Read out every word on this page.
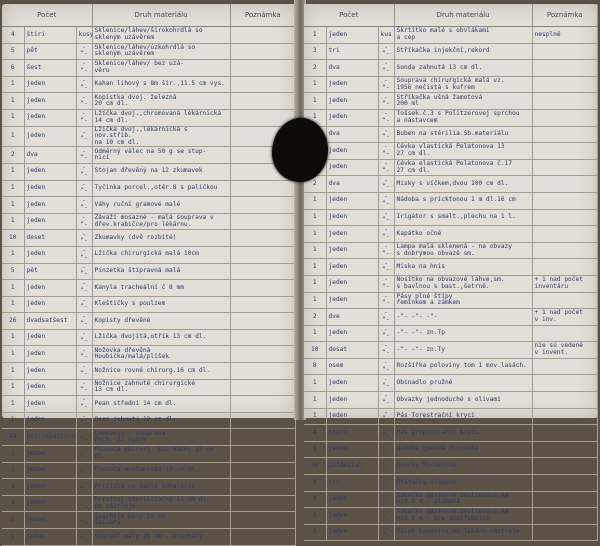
Počet			Druh materiálu	Poznámka
4	štiri	kusy	Sklenice/láhev/širokohrdlá so
skleným uzávěrem	
5	pět	-"-	Sklenice/láhev/úzkohrdlá so
skleným uzávěrem	
6	šest	-"-	Sklenice/láhev/ bez uzá-
věru	
1	jeden	-"-	Kahan lihový s 8m šír.,11.5 cm vys.	
1	jeden	-"-	Kopistka dvoj. železná
20 cm dl.	
1	jeden	-"-	Lžíčka dvoj.,chromovaná lékárnická
14 cm dl.	
1	jeden	-"-	Lžička dvoj.,lékárnická s nov.střib.
na 10 cm dl.	
2	dva	-"-	Odměrný válec na 50 g se stup-
nicí	
1	jeden	-"-	Stojan dřevěný na 12 zkumavek	
1	jeden	-"-	Tyčinka porcel.,otěr.8 s paličkou	
1	jeden	-"-	Váhy ruční gramové malé	
1	jeden	-"-	Závaží mosazné - malá souprava v
dřev.krabičce/pro lékárnu.	
10	deset	-"-	Zkumavky (dvě rozbité)	
1	jeden	-"-	Lžička chirurgická malá 10cm	
5	pět	-"-	Pinzetka štípravná malá	
1	jeden	-"-	Kanyla tracheální č 8 mm	
1	jeden	-"-	Kleštičky s poulzem	
26	dvadsatšest	-"-	Kopisty dřevěné	
1	jeden	-"-	Lžička dvojitá,otřík 13 cm dl.	
1	jeden	-"-	Nožovka dřevěná
Houbička/malá/plíšek	
1	jeden	-"-	Nožnice rovné chirurg.16 cm dl.	
1	jeden	-"-	Nožnice zahnuté chirurgické
13 cm dl.	
1	jeden	-"-	Pean střední 14 cm dl.	
1	jeden	-"-	Pean zahnutý 12 cm dl.	
44	štiridsaštiri	-"-	Concovie - souprava
Perm. 25 kusov	
1	jeden	-"-	Pinzeta chirurg. 1x2 háčky 13 cm dl.	
1	jeden	-"-	Pinzeta anatomická 13 cm dl.	
1	jeden	-"-	Pričidlo na teplé inhalácie	
1	jeden	-"-	Prístroj sterilizačný 13 cm dl.
na nástroje	
1	jeden	-"-	Špachtle malý 28 mm -
špicatý	
1	jeden	-"-	Spalpel malý 28 mm - bruchatý	
Počet			Druh materiálu	Poznámka
1	jeden	kus	Škrtítko malé s obvlákami
a cep	nesplně
3	tri	-"-	Stříkačka injekční,rekord	
2	dva	-"-	Sonda zahnutá 13 cm dl.	
1	jeden	-"-	Souprava chirurgická malá vz.
1956 nečistá s kufrem	
1	jeden	-"-	Stříkačka ušná žamotová
200 ml	
1	jeden	-"-	Tošsek.č.3 s Politzerovej sprchou
a nástavcem	
	dva	-"-	Buben na stěrilia.Sb.materiálu	
	jeden	-"-	Cévka vlastická Pelatonova 13
27 cm dl.	
	jeden	-"-	Cévka elastická Pelatonova č.17
27 cm dl.	
2	dva	-"-	Misky s víčkem,dvou 100 cm dl.	
1	jeden	-"-	Nádoba s pricktonou 1 m dl.16 cm	
1	jeden	-"-	Irigátor s smalt.,plechu na 1 l.	
1	jeden	-"-	Kapátko očné	
1	jeden	-"-	Lampa malá sklenená - na obvazy
s dobrýmou obvazě sm.	
1	jeden	-"-	Miska na hnis	
1	jeden	-"-	Nosítko na obvazové láhve,sm.
s bavlnou s bast.,šetrně.	+ 1 nad počet
inventáru
1	jeden	-"-	Pásy plné štípy
řemínkem a zámkem	
2	dve	-"-	-"- -"- -"-	+ 1 nad počet
v inv.
1	jeden	-"-	-"- -"- zn.Tp	
10	desat	-"-	-"- -"- zn.Ty	nie sú vedené
v invent.
8	osem	-"-	Rozšířka poloviny tom 1 mov.lasách.	
1	jeden	-"-	Obinadlo pružné	
1	jeden	-"-	Obvazky jednoduché s olivami	
1	jeden	-"-	Pás Torestrační krycí	
4	štiri	-"-	Pás propustrační kryci	
1	jeden	-"-	Nádoba gumová žlučovka	
50	păťdesiat	-"-	Svorky Michelové	
3	tri	-"-	Štětečky vlasové	
1	jeden	-"-	Tabulka nástenná Snellenová na
vzd.5 m - písmená	
1	jeden	-"-	Tabulka nástenná Snellenová na
vzd.5 m - pre analfabetov	
1	jeden	-"-	Tácek kamenina,na lékárn.nástroje	
